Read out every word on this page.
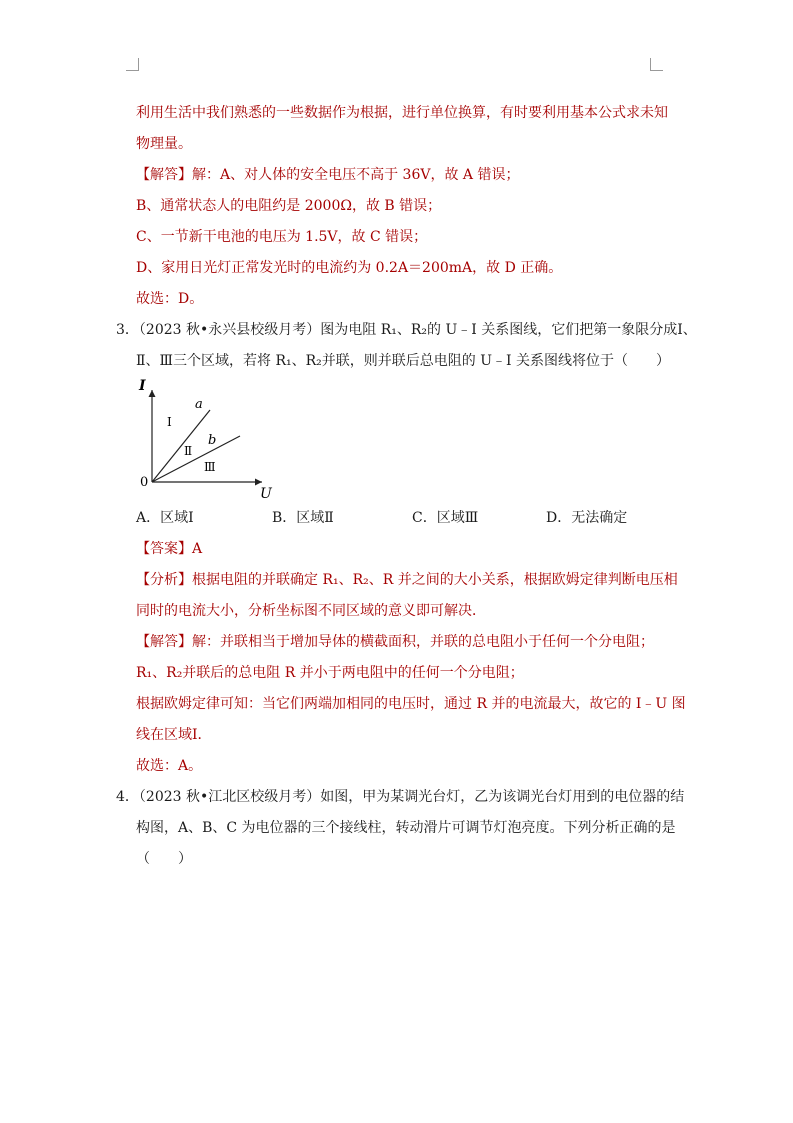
利用生活中我们熟悉的一些数据作为根据，进行单位换算，有时要利用基本公式求未知
物理量。
【解答】解：A、对人体的安全电压不高于 36V，故 A 错误；
B、通常状态人的电阻约是 2000Ω，故 B 错误；
C、一节新干电池的电压为 1.5V，故 C 错误；
D、家用日光灯正常发光时的电流约为 0.2A＝200mA，故 D 正确。
故选：D。
3．（2023 秋•永兴县校级月考）图为电阻 R₁、R₂的 U﹣I 关系图线，它们把第一象限分成Ⅰ、
Ⅱ、Ⅲ三个区域，若将 R₁、R₂并联，则并联后总电阻的 U﹣I 关系图线将位于（　　）
I
U
0
a
b
Ⅰ
Ⅱ
Ⅲ
A．区域Ⅰ	B．区域Ⅱ	C．区域Ⅲ	D．无法确定
【答案】A
【分析】根据电阻的并联确定 R₁、R₂、R 并之间的大小关系，根据欧姆定律判断电压相
同时的电流大小，分析坐标图不同区域的意义即可解决．
【解答】解：并联相当于增加导体的横截面积，并联的总电阻小于任何一个分电阻；
R₁、R₂并联后的总电阻 R 并小于两电阻中的任何一个分电阻；
根据欧姆定律可知：当它们两端加相同的电压时，通过 R 并的电流最大，故它的 I﹣U 图
线在区域Ⅰ．
故选：A。
4．（2023 秋•江北区校级月考）如图，甲为某调光台灯，乙为该调光台灯用到的电位器的结
构图，A、B、C 为电位器的三个接线柱，转动滑片可调节灯泡亮度。下列分析正确的是
（　　）
